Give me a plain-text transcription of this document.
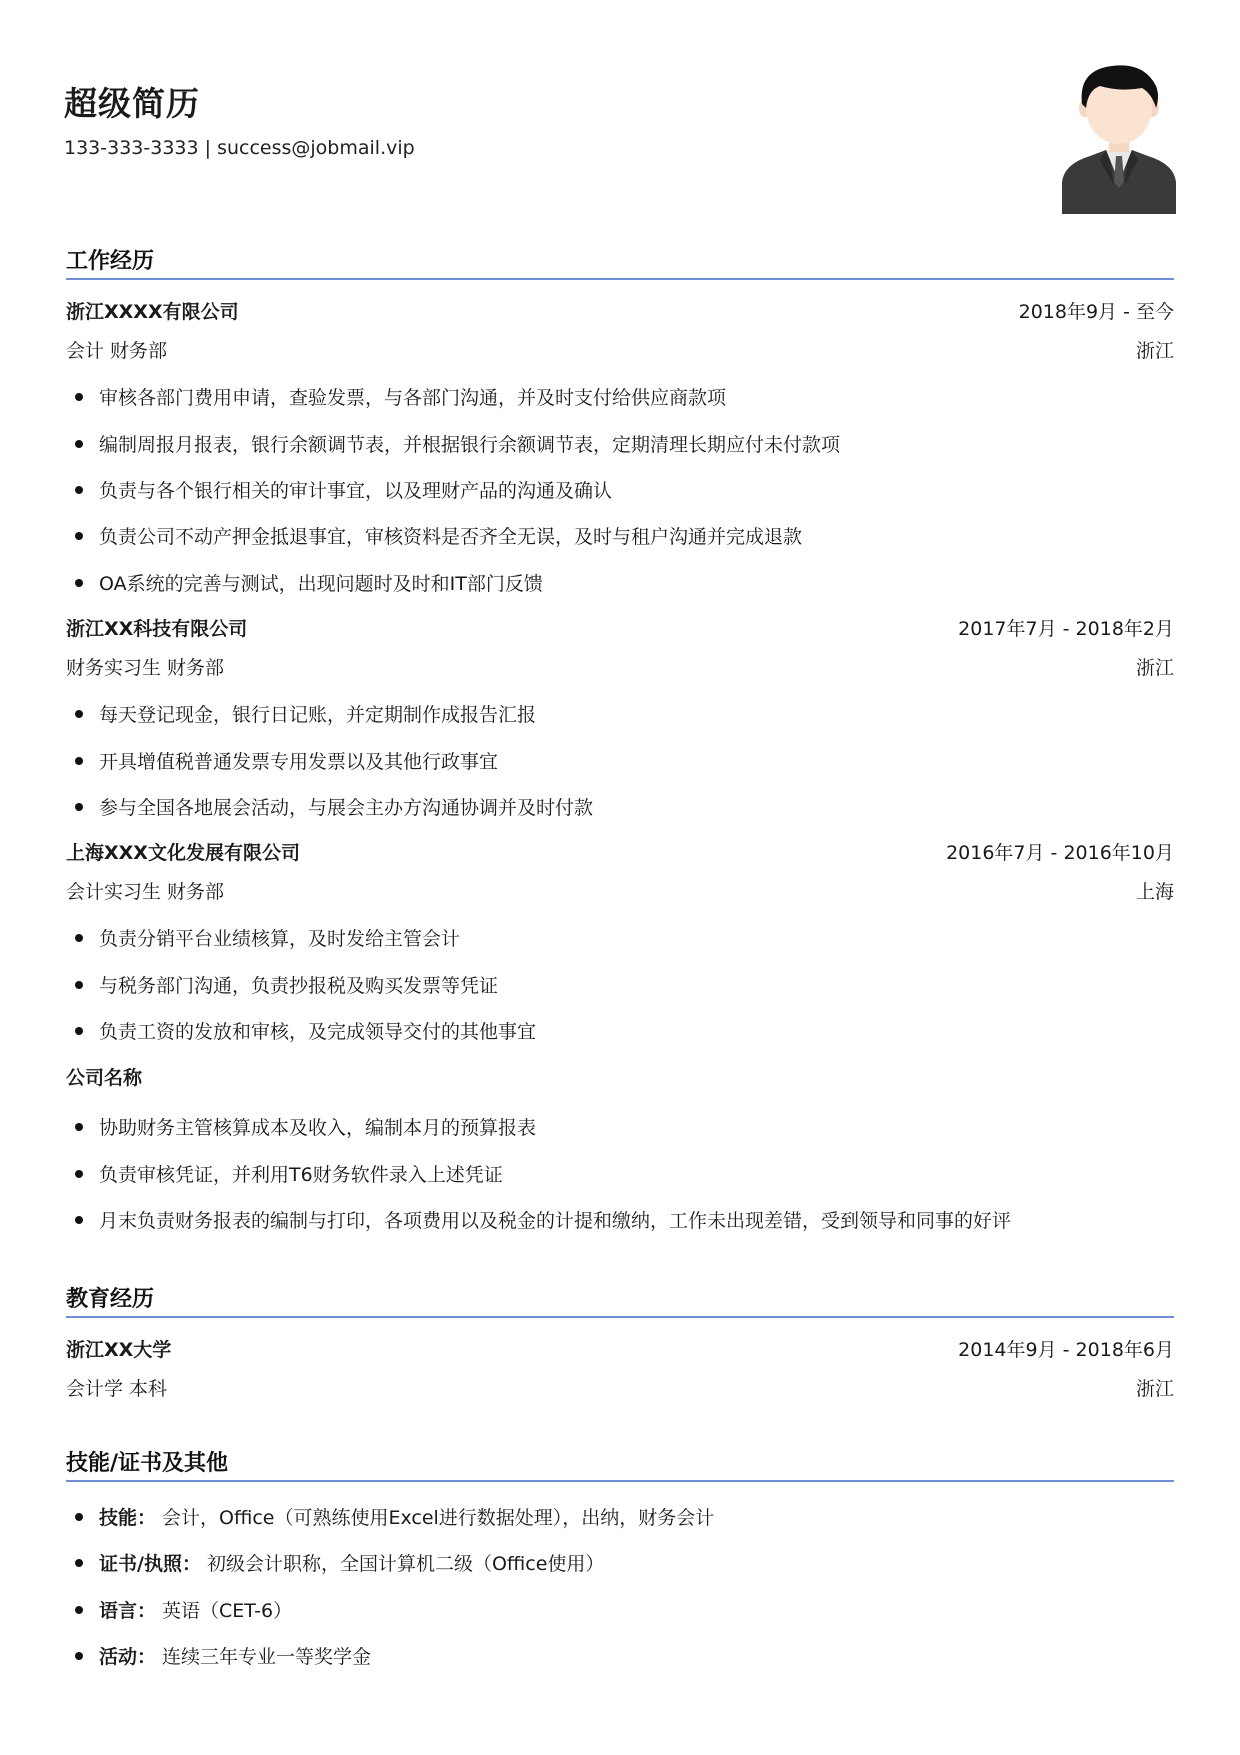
超级简历
133-333-3333 | success@jobmail.vip
工作经历
浙江XXXX有限公司	2018年9月 - 至今
会计 财务部	浙江
审核各部门费用申请，查验发票，与各部门沟通，并及时支付给供应商款项
编制周报月报表，银行余额调节表，并根据银行余额调节表，定期清理长期应付未付款项
负责与各个银行相关的审计事宜，以及理财产品的沟通及确认
负责公司不动产押金抵退事宜，审核资料是否齐全无误，及时与租户沟通并完成退款
OA系统的完善与测试，出现问题时及时和IT部门反馈
浙江XX科技有限公司	2017年7月 - 2018年2月
财务实习生 财务部	浙江
每天登记现金，银行日记账，并定期制作成报告汇报
开具增值税普通发票专用发票以及其他行政事宜
参与全国各地展会活动，与展会主办方沟通协调并及时付款
上海XXX文化发展有限公司	2016年7月 - 2016年10月
会计实习生 财务部	上海
负责分销平台业绩核算，及时发给主管会计
与税务部门沟通，负责抄报税及购买发票等凭证
负责工资的发放和审核，及完成领导交付的其他事宜
公司名称
协助财务主管核算成本及收入，编制本月的预算报表
负责审核凭证，并利用T6财务软件录入上述凭证
月末负责财务报表的编制与打印，各项费用以及税金的计提和缴纳，工作未出现差错，受到领导和同事的好评
教育经历
浙江XX大学	2014年9月 - 2018年6月
会计学 本科	浙江
技能/证书及其他
技能： 会计，Office（可熟练使用Excel进行数据处理），出纳，财务会计
证书/执照： 初级会计职称，全国计算机二级（Office使用）
语言： 英语（CET-6）
活动： 连续三年专业一等奖学金
